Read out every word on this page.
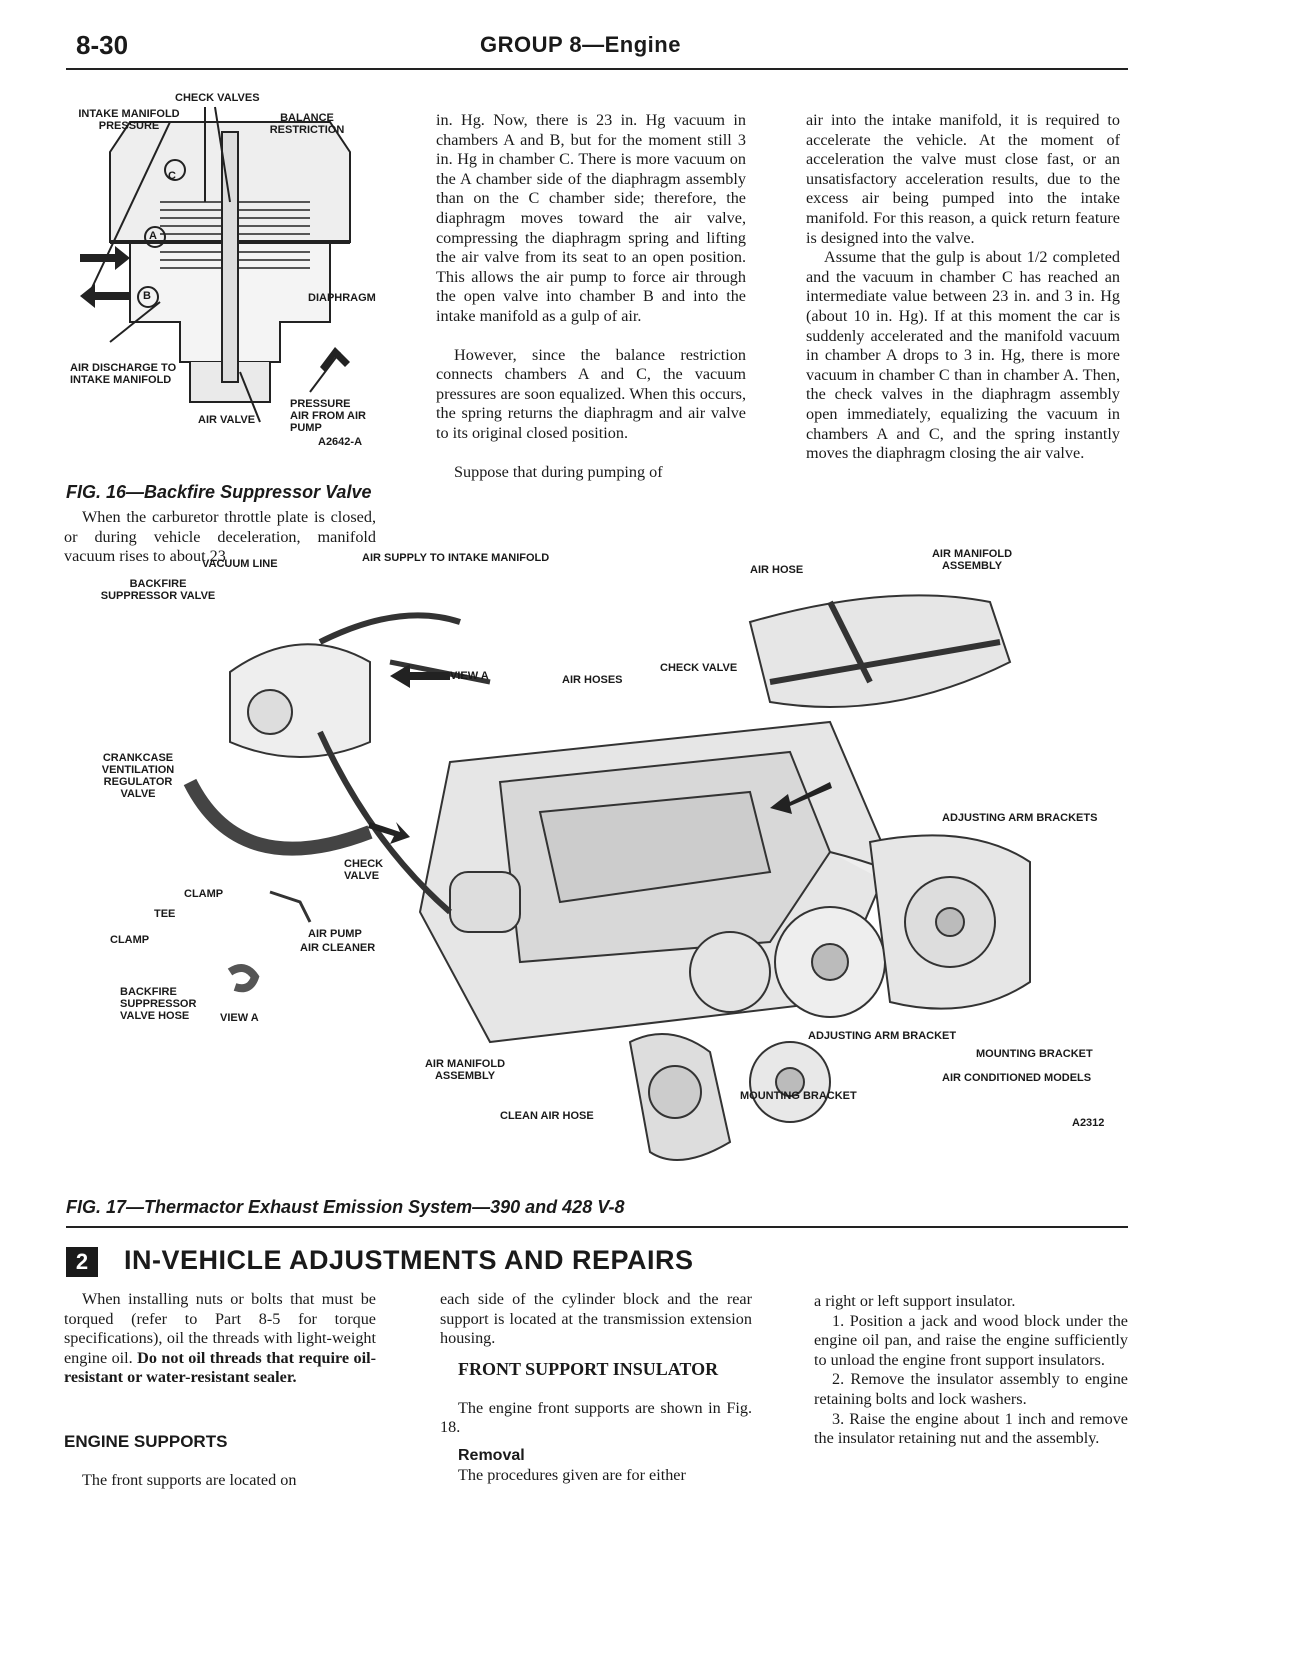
8-30	GROUP 8—Engine
C
A
B
CHECK VALVES
INTAKE MANIFOLD PRESSURE
BALANCE RESTRICTION
DIAPHRAGM
AIR DISCHARGE TO INTAKE MANIFOLD
PRESSURE AIR FROM AIR PUMP
AIR VALVE
A2642-A
FIG. 16—Backfire Suppressor Valve

When the carburetor throttle plate is closed, or during vehicle deceleration, manifold vacuum rises to about 23

in. Hg. Now, there is 23 in. Hg vacuum in chambers A and B, but for the moment still 3 in. Hg in chamber C. There is more vacuum on the A chamber side of the diaphragm assembly than on the C chamber side; therefore, the diaphragm moves toward the air valve, compressing the diaphragm spring and lifting the air valve from its seat to an open position. This allows the air pump to force air through the open valve into chamber B and into the intake manifold as a gulp of air.

However, since the balance restriction connects chambers A and C, the vacuum pressures are soon equalized. When this occurs, the spring returns the diaphragm and air valve to its original closed position.

Suppose that during pumping of

air into the intake manifold, it is required to accelerate the vehicle. At the moment of acceleration the valve must close fast, or an unsatisfactory acceleration results, due to the excess air being pumped into the intake manifold. For this reason, a quick return feature is designed into the valve.

Assume that the gulp is about 1/2 completed and the vacuum in chamber C has reached an intermediate value between 23 in. and 3 in. Hg (about 10 in. Hg). If at this moment the car is suddenly accelerated and the manifold vacuum in chamber A drops to 3 in. Hg, there is more vacuum in chamber C than in chamber A. Then, the check valves in the diaphragm assembly open immediately, equalizing the vacuum in chambers A and C, and the spring instantly moves the diaphragm closing the air valve.

VACUUM LINE	AIR SUPPLY TO INTAKE MANIFOLD
BACKFIRE SUPPRESSOR VALVE
VIEW A	AIR HOSES
CHECK VALVE
AIR HOSE
AIR MANIFOLD ASSEMBLY
CRANKCASE VENTILATION REGULATOR VALVE
ADJUSTING ARM BRACKETS
CHECK VALVE
CLAMP
TEE
CLAMP	AIR PUMP
AIR CLEANER
BACKFIRE SUPPRESSOR VALVE HOSE	VIEW A
AIR MANIFOLD ASSEMBLY
ADJUSTING ARM BRACKET
MOUNTING BRACKET
AIR CONDITIONED MODELS
MOUNTING BRACKET
CLEAN AIR HOSE
A2312
FIG. 17—Thermactor Exhaust Emission System—390 and 428 V-8
2	IN-VEHICLE ADJUSTMENTS AND REPAIRS

When installing nuts or bolts that must be torqued (refer to Part 8-5 for torque specifications), oil the threads with light-weight engine oil. Do not oil threads that require oil-resistant or water-resistant sealer.

ENGINE SUPPORTS

The front supports are located on

each side of the cylinder block and the rear support is located at the transmission extension housing.

FRONT SUPPORT INSULATOR

The engine front supports are shown in Fig. 18.

Removal

The procedures given are for either

a right or left support insulator.

1. Position a jack and wood block under the engine oil pan, and raise the engine sufficiently to unload the engine front support insulators.

2. Remove the insulator assembly to engine retaining bolts and lock washers.

3. Raise the engine about 1 inch and remove the insulator retaining nut and the assembly.
